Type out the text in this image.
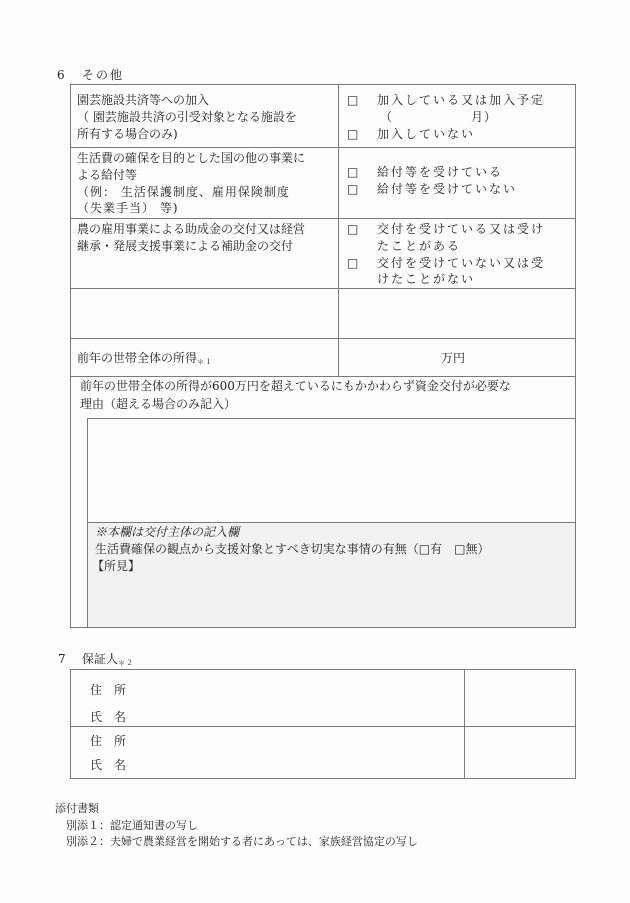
6 その他
園芸施設共済等への加入
（ 園芸施設共済の引受対象となる施設を
所有する場合のみ)
□ 加入している又は加入予定
（　　　　　　月）
□ 加入していない
生活費の確保を目的とした国の他の事業に
よる給付等
（例： 生活保護制度、雇用保険制度
（失業手当） 等)
□ 給付等を受けている
□ 給付等を受けていない
農の雇用事業による助成金の交付又は経営
継承・発展支援事業による補助金の交付
□ 交付を受けている又は受け
たことがある
□ 交付を受けていない又は受
けたことがない
前年の世帯全体の所得＊１	万円
前年の世帯全体の所得が600万円を超えているにもかかわらず資金交付が必要な
理由（超える場合のみ記入）
※本欄は交付主体の記入欄
生活費確保の観点から支援対象とすべき切実な事情の有無（□有　□無）
【所見】
7 保証人＊２
住　所
氏　名
住　所
氏　名
添付書類
別添１：認定通知書の写し
別添２：夫婦で農業経営を開始する者にあっては、家族経営協定の写し
